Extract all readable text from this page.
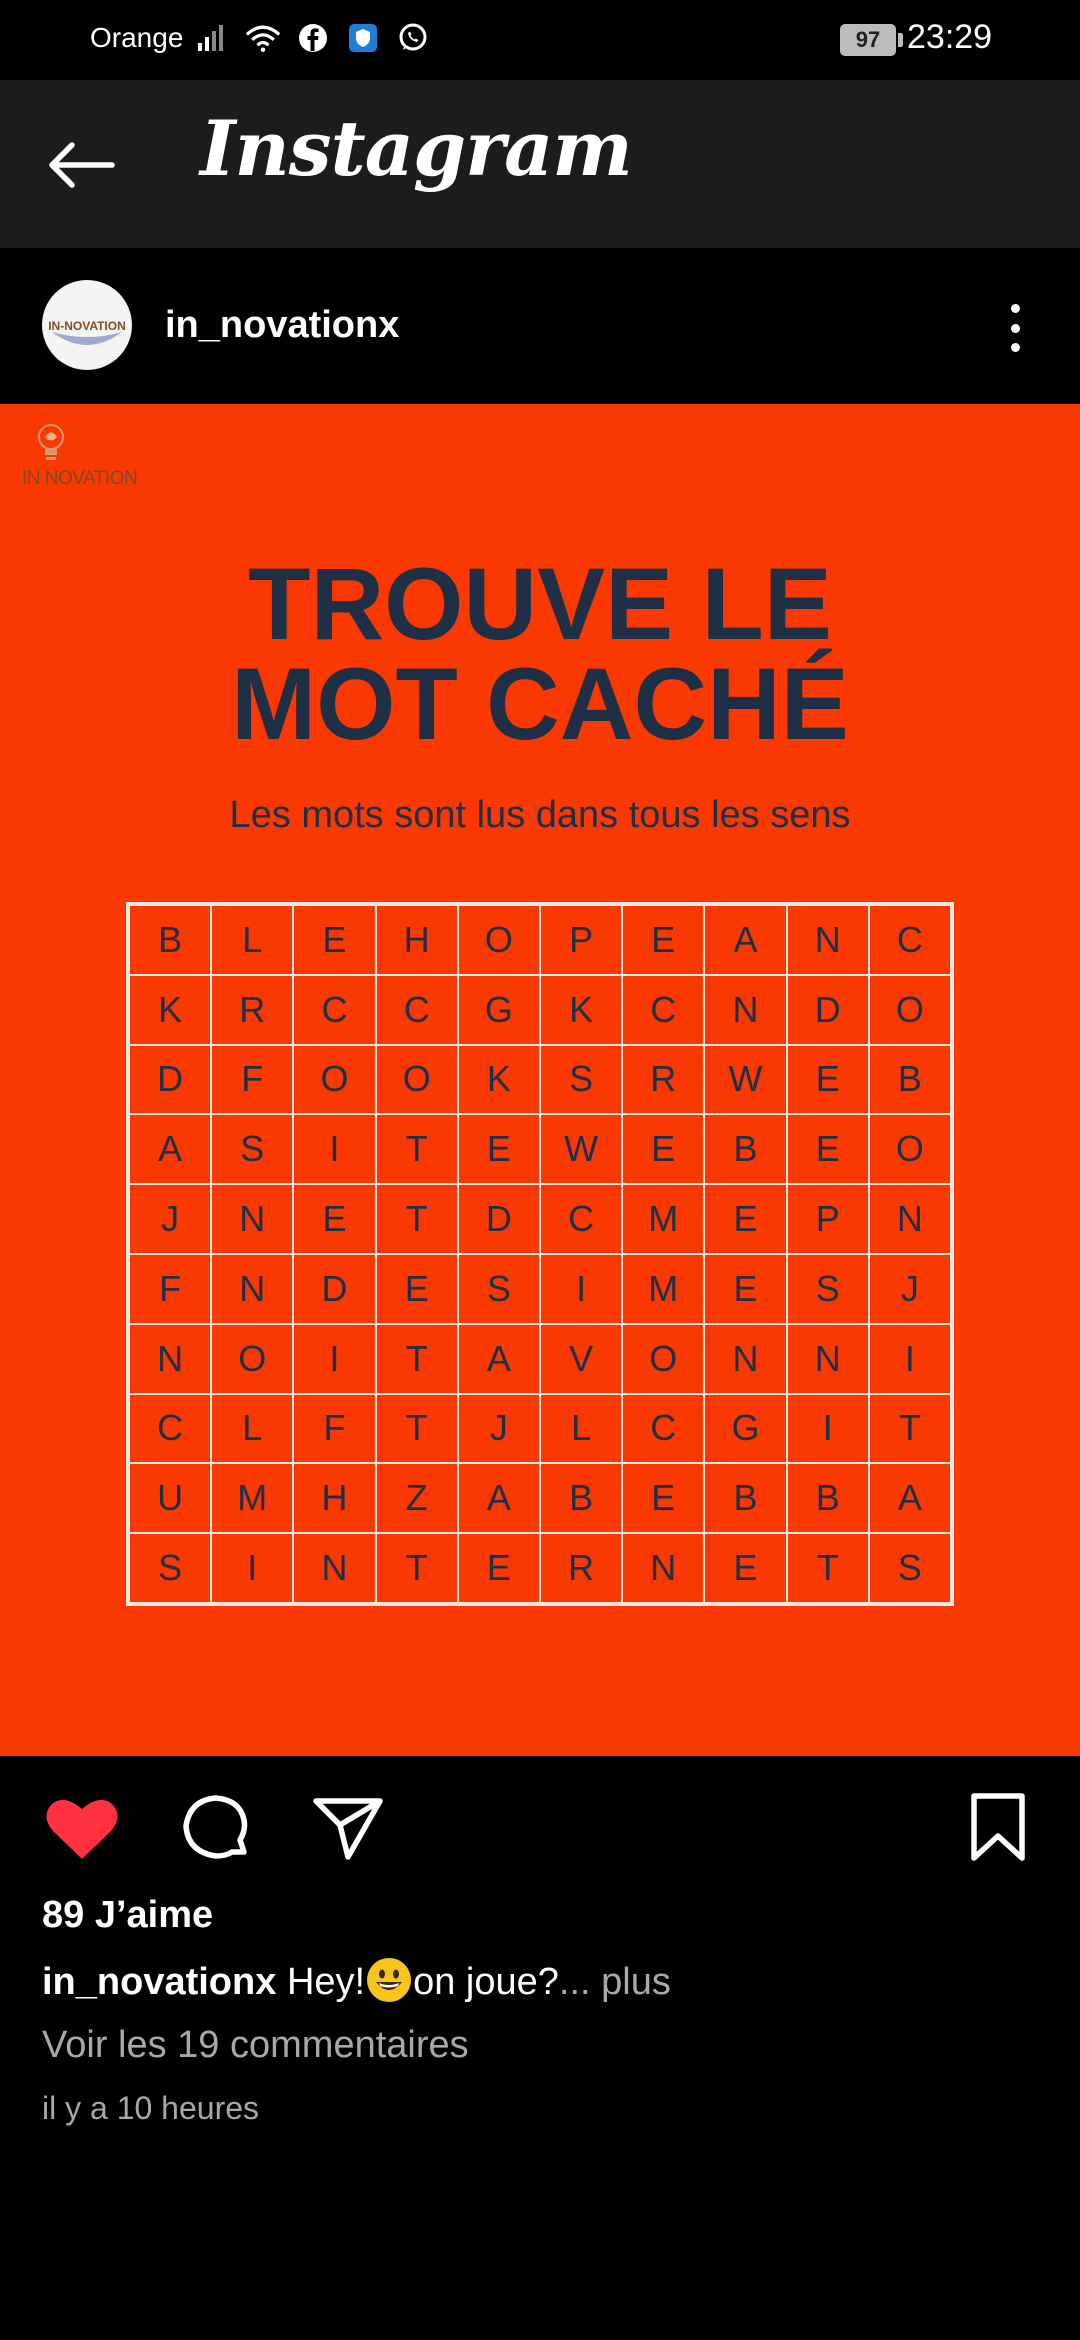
Orange	97 23:29
Instagram
IN-NOVATION in_novationx
IN NOVATION
TROUVE LE
MOT CACHÉ
Les mots sont lus dans tous les sens
B	L	E	H	O	P	E	A	N	C
K	R	C	C	G	K	C	N	D	O
D	F	O	O	K	S	R	W	E	B
A	S	I	T	E	W	E	B	E	O
J	N	E	T	D	C	M	E	P	N
F	N	D	E	S	I	M	E	S	J
N	O	I	T	A	V	O	N	N	I
C	L	F	T	J	L	C	G	I	T
U	M	H	Z	A	B	E	B	B	A
S	I	N	T	E	R	N	E	T	S
89 J’aime
in_novationx Hey! on joue?... plus
Voir les 19 commentaires
il y a 10 heures
